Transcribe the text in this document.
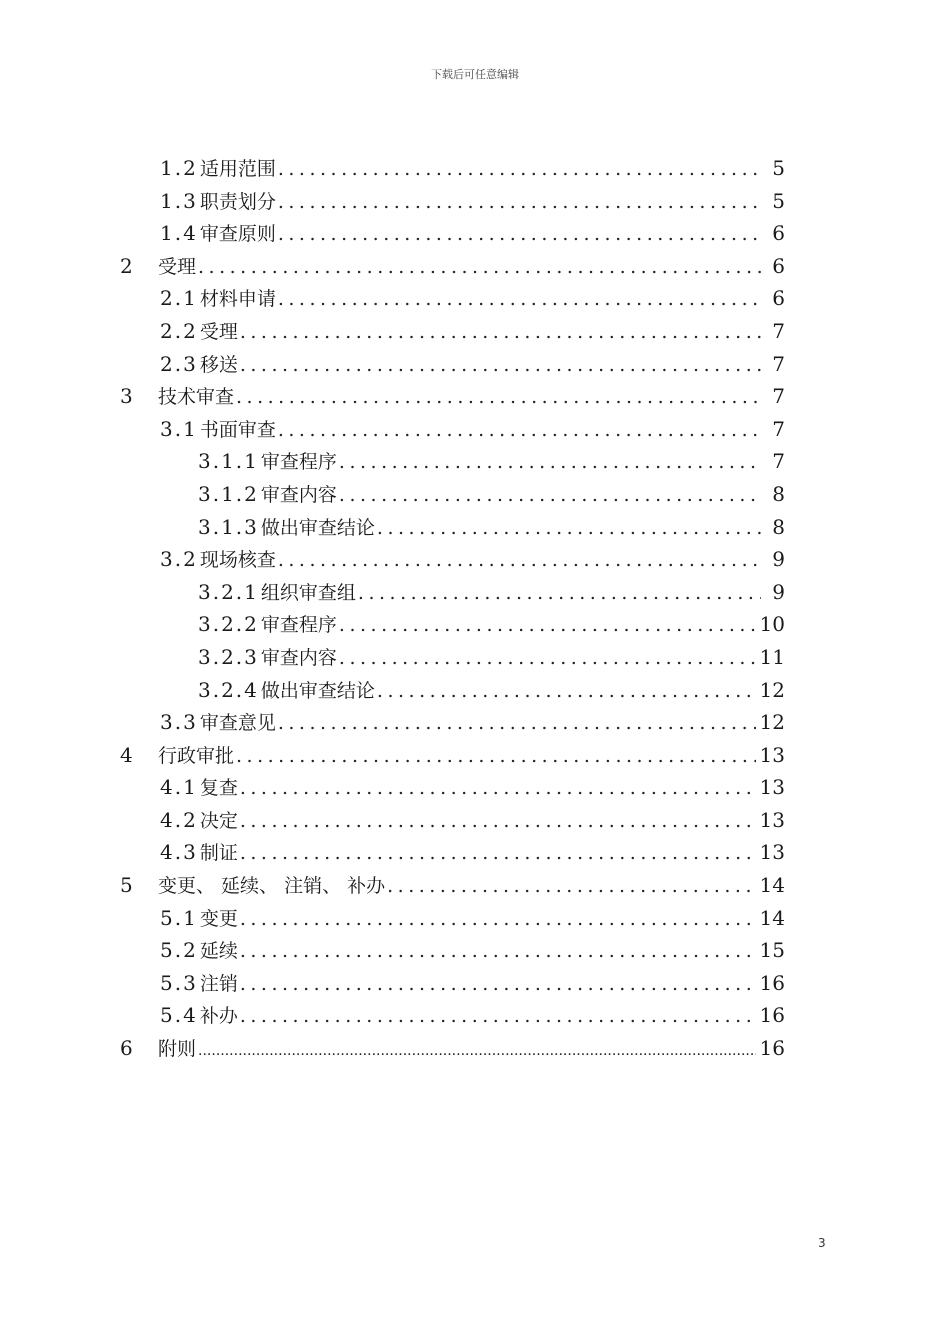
下载后可任意编辑
1.2 适用范围 .....	5
1.3 职责划分 .....	5
1.4 审查原则 .....	6
2	受理 .....	6
2.1 材料申请 .....	6
2.2 受理 .....	7
2.3 移送 .....	7
3	技术审查 .....	7
3.1 书面审查 .....	7
3.1.1 审查程序 .....	7
3.1.2 审查内容 .....	8
3.1.3 做出审查结论 .....	8
3.2 现场核查 .....	9
3.2.1 组织审查组 .....	9
3.2.2 审查程序 .....	10
3.2.3 审查内容 .....	11
3.2.4 做出审查结论 .....	12
3.3 审查意见 .....	12
4	行政审批 .....	13
4.1 复查 .....	13
4.2 决定 .....	13
4.3 制证 .....	13
5	变更、 延续、 注销、 补办 .....	14
5.1 变更 .....	14
5.2 延续 .....	15
5.3 注销 .....	16
5.4 补办 .....	16
6	附则 .....	16
3
